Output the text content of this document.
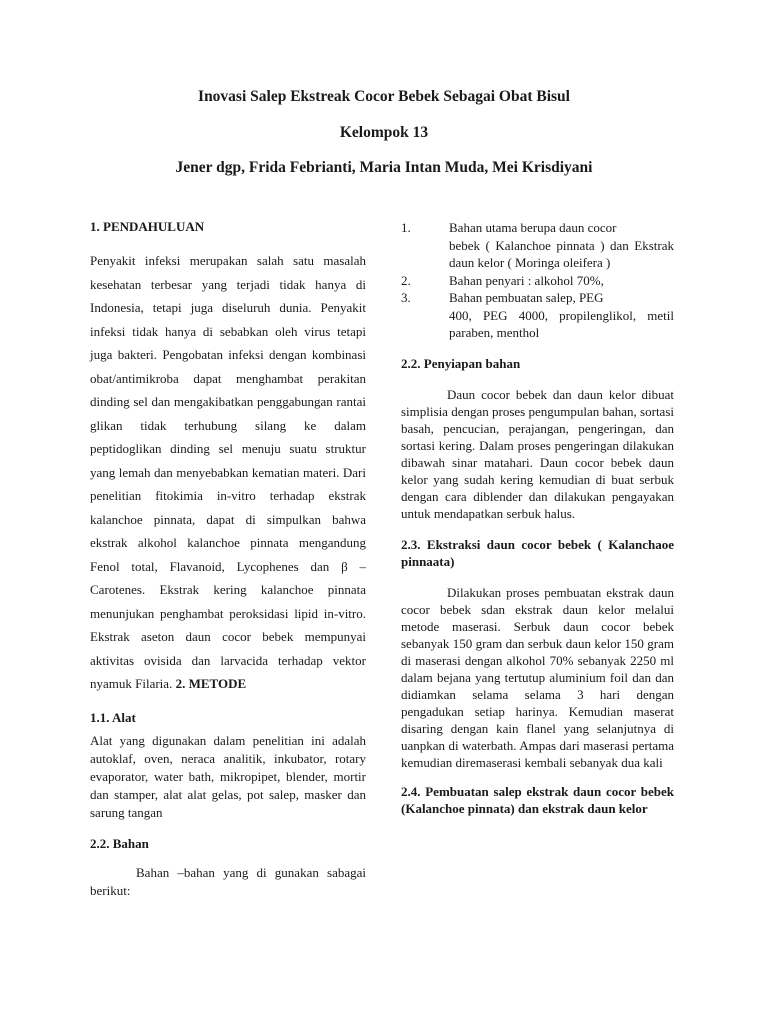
Inovasi Salep Ekstreak Cocor Bebek Sebagai Obat Bisul
Kelompok 13
Jener dgp, Frida Febrianti, Maria Intan Muda, Mei Krisdiyani
1. PENDAHULUAN

Penyakit infeksi merupakan salah satu masalah kesehatan terbesar yang terjadi tidak hanya di Indonesia, tetapi juga diseluruh dunia. Penyakit infeksi tidak hanya di sebabkan oleh virus tetapi juga bakteri. Pengobatan infeksi dengan kombinasi obat/antimikroba dapat menghambat perakitan dinding sel dan mengakibatkan penggabungan rantai glikan tidak terhubung silang ke dalam peptidoglikan dinding sel menuju suatu struktur yang lemah dan menyebabkan kematian materi. Dari penelitian fitokimia in-vitro terhadap ekstrak kalanchoe pinnata, dapat di simpulkan bahwa ekstrak alkohol kalanchoe pinnata mengandung Fenol total, Flavanoid, Lycophenes dan β – Carotenes. Ekstrak kering kalanchoe pinnata menunjukan penghambat peroksidasi lipid in-vitro. Ekstrak aseton daun cocor bebek mempunyai aktivitas ovisida dan larvacida terhadap vektor nyamuk Filaria. 2. METODE

1.1. Alat

Alat yang digunakan dalam penelitian ini adalah autoklaf, oven, neraca analitik, inkubator, rotary evaporator, water bath, mikropipet, blender, mortir dan stamper, alat alat gelas, pot salep, masker dan sarung tangan

2.2. Bahan

Bahan –bahan yang di gunakan sabagai berikut:

1.	Bahan utama berupa daun cocor
bebek ( Kalanchoe pinnata ) dan Ekstrak daun kelor ( Moringa oleifera )
2.	Bahan penyari : alkohol 70%,
3.	Bahan pembuatan salep, PEG
400, PEG 4000, propilenglikol, metil paraben, menthol
2.2. Penyiapan bahan

Daun cocor bebek dan daun kelor dibuat simplisia dengan proses pengumpulan bahan, sortasi basah, pencucian, perajangan, pengeringan, dan sortasi kering. Dalam proses pengeringan dilakukan dibawah sinar matahari. Daun cocor bebek daun kelor yang sudah kering kemudian di buat serbuk dengan cara diblender dan dilakukan pengayakan untuk mendapatkan serbuk halus.

2.3. Ekstraksi daun cocor bebek ( Kalanchaoe pinnaata)

Dilakukan proses pembuatan ekstrak daun cocor bebek sdan ekstrak daun kelor melalui metode maserasi. Serbuk daun cocor bebek sebanyak 150 gram dan serbuk daun kelor 150 gram di maserasi dengan alkohol 70% sebanyak 2250 ml dalam bejana yang tertutup aluminium foil dan dan didiamkan selama selama 3 hari dengan pengadukan setiap harinya. Kemudian maserat disaring dengan kain flanel yang selanjutnya di uanpkan di waterbath. Ampas dari maserasi pertama kemudian diremaserasi kembali sebanyak dua kali

2.4. Pembuatan salep ekstrak daun cocor bebek (Kalanchoe pinnata) dan ekstrak daun kelor
